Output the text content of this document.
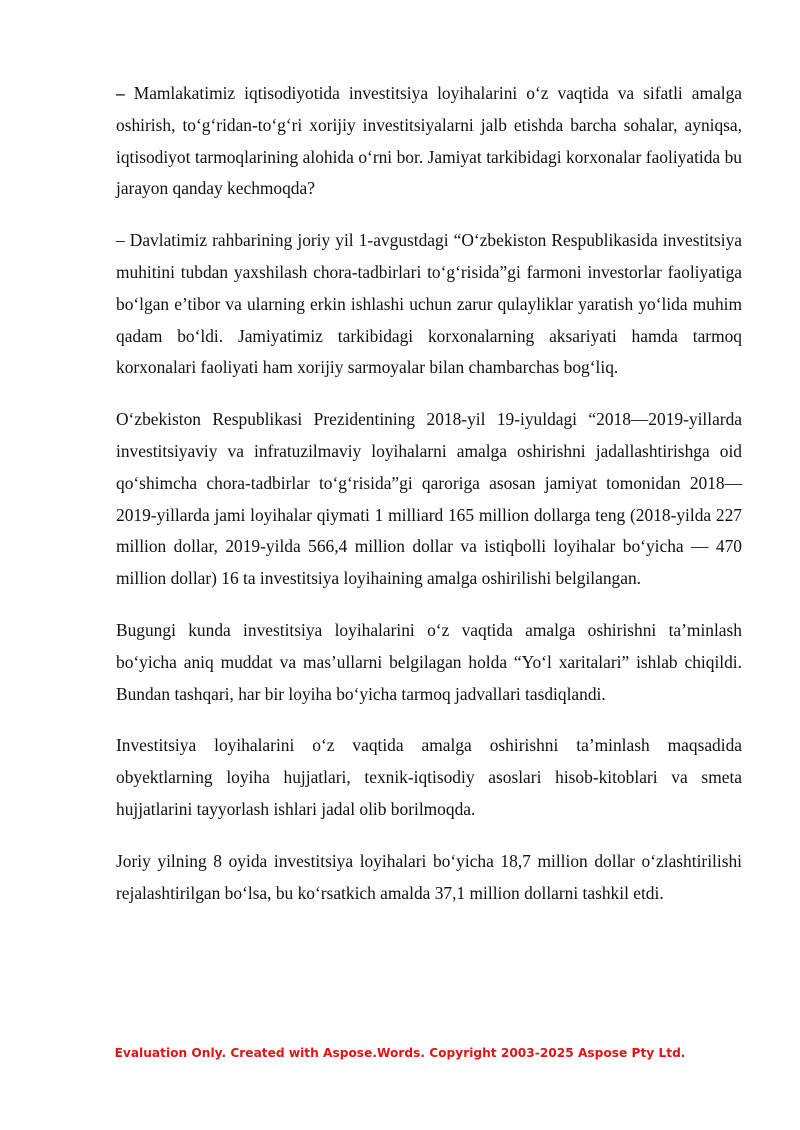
– Mamlakatimiz iqtisodiyotida investitsiya loyihalarini o‘z vaqtida va sifatli amalga oshirish, to‘g‘ridan-to‘g‘ri xorijiy investitsiyalarni jalb etishda barcha sohalar, ayniqsa, iqtisodiyot tarmoqlarining alohida o‘rni bor. Jamiyat tarkibidagi korxonalar faoliyatida bu jarayon qanday kechmoqda?

– Davlatimiz rahbarining joriy yil 1-avgustdagi “O‘zbekiston Respublikasida investitsiya muhitini tubdan yaxshilash chora-tadbirlari to‘g‘risida”gi farmoni investorlar faoliyatiga bo‘lgan e’tibor va ularning erkin ishlashi uchun zarur qulayliklar yaratish yo‘lida muhim qadam bo‘ldi. Jamiyatimiz tarkibidagi korxonalarning aksariyati hamda tarmoq korxonalari faoliyati ham xorijiy sarmoyalar bilan chambarchas bog‘liq.

O‘zbekiston Respublikasi Prezidentining 2018-yil 19-iyuldagi “2018—2019-yillarda investitsiyaviy va infratuzilmaviy loyihalarni amalga oshirishni jadallashtirishga oid qo‘shimcha chora-tadbirlar to‘g‘risida”gi qaroriga asosan jamiyat tomonidan 2018—2019-yillarda jami loyihalar qiymati 1 milliard 165 million dollarga teng (2018-yilda 227 million dollar, 2019-yilda 566,4 million dollar va istiqbolli loyihalar bo‘yicha — 470 million dollar) 16 ta investitsiya loyihaining amalga oshirilishi belgilangan.

Bugungi kunda investitsiya loyihalarini o‘z vaqtida amalga oshirishni ta’minlash bo‘yicha aniq muddat va mas’ullarni belgilagan holda “Yo‘l xaritalari” ishlab chiqildi. Bundan tashqari, har bir loyiha bo‘yicha tarmoq jadvallari tasdiqlandi.

Investitsiya loyihalarini o‘z vaqtida amalga oshirishni ta’minlash maqsadida obyektlarning loyiha hujjatlari, texnik-iqtisodiy asoslari hisob-kitoblari va smeta hujjatlarini tayyorlash ishlari jadal olib borilmoqda.

Joriy yilning 8 oyida investitsiya loyihalari bo‘yicha 18,7 million dollar o‘zlashtirilishi rejalashtirilgan bo‘lsa, bu ko‘rsatkich amalda 37,1 million dollarni tashkil etdi.

Evaluation Only. Created with Aspose.Words. Copyright 2003-2025 Aspose Pty Ltd.
